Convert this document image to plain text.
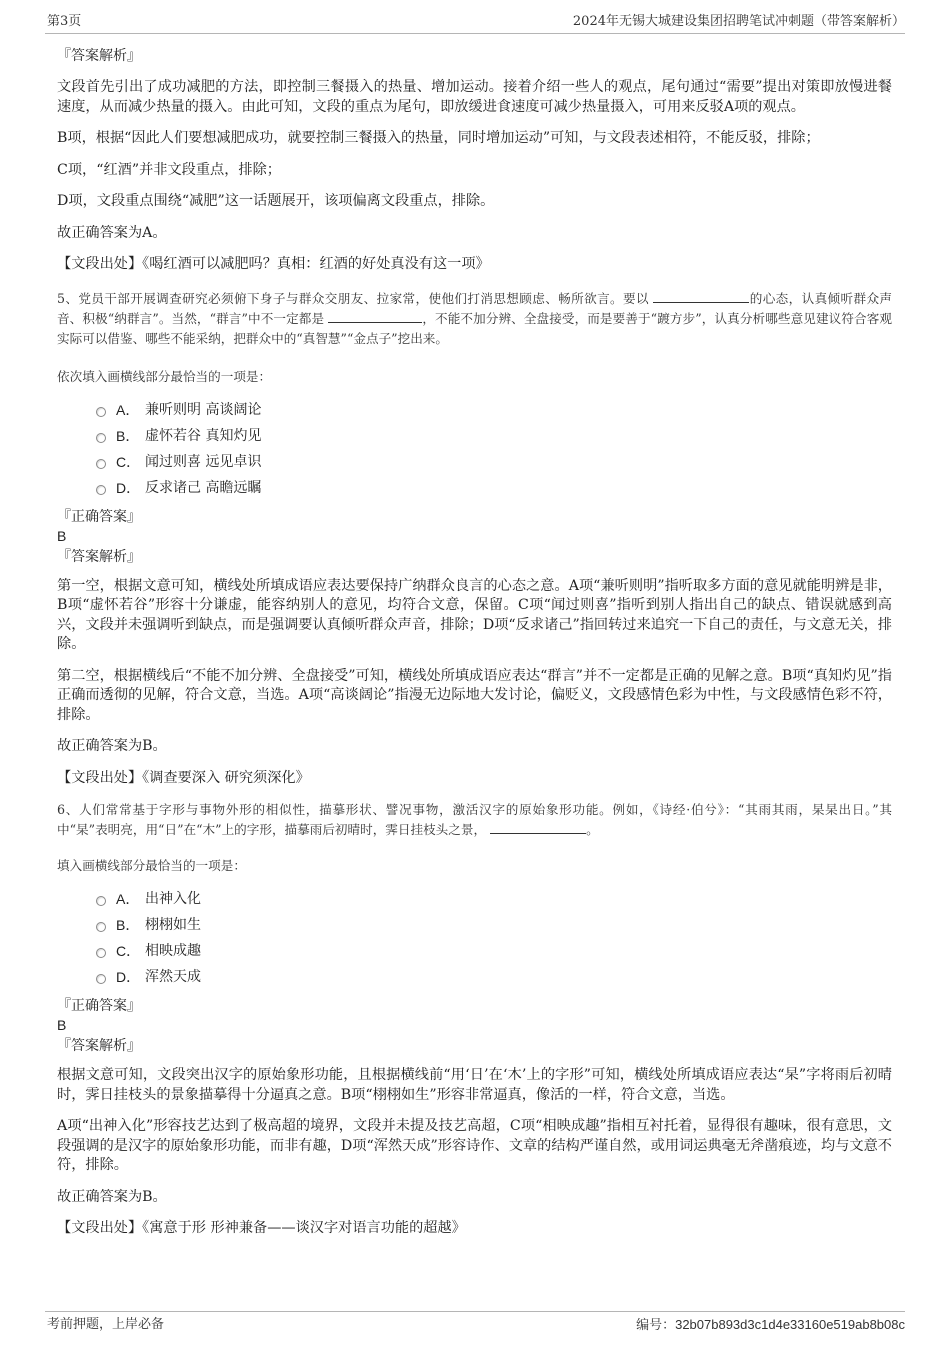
第3页	2024年无锡大城建设集团招聘笔试冲刺题（带答案解析）
『答案解析』
文段首先引出了成功减肥的方法，即控制三餐摄入的热量、增加运动。接着介绍一些人的观点，尾句通过“需要”提出对策即放慢进餐速度，从而减少热量的摄入。由此可知，文段的重点为尾句，即放缓进食速度可减少热量摄入，可用来反驳A项的观点。
B项，根据“因此人们要想减肥成功，就要控制三餐摄入的热量，同时增加运动”可知，与文段表述相符，不能反驳，排除；
C项，“红酒”并非文段重点，排除；
D项，文段重点围绕“减肥”这一话题展开，该项偏离文段重点，排除。
故正确答案为A。
【文段出处】《喝红酒可以减肥吗？真相：红酒的好处真没有这一项》
5、党员干部开展调查研究必须俯下身子与群众交朋友、拉家常，使他们打消思想顾虑、畅所欲言。要以	的心态，认真倾听群众声音、积极“纳群言”。当然，“群言”中不一定都是	，不能不加分辨、全盘接受，而是要善于“踱方步”，认真分析哪些意见建议符合客观实际可以借鉴、哪些不能采纳，把群众中的“真智慧”“金点子”挖出来。
依次填入画横线部分最恰当的一项是：
A． 兼听则明 高谈阔论
B． 虚怀若谷 真知灼见
C． 闻过则喜 远见卓识
D． 反求诸己 高瞻远瞩
『正确答案』
B
『答案解析』
第一空，根据文意可知，横线处所填成语应表达要保持广纳群众良言的心态之意。A项“兼听则明”指听取多方面的意见就能明辨是非，B项“虚怀若谷”形容十分谦虚，能容纳别人的意见，均符合文意，保留。C项“闻过则喜”指听到别人指出自己的缺点、错误就感到高兴，文段并未强调听到缺点，而是强调要认真倾听群众声音，排除；D项“反求诸己”指回转过来追究一下自己的责任，与文意无关，排除。
第二空，根据横线后“不能不加分辨、全盘接受”可知，横线处所填成语应表达“群言”并不一定都是正确的见解之意。B项“真知灼见”指正确而透彻的见解，符合文意，当选。A项“高谈阔论”指漫无边际地大发讨论，偏贬义，文段感情色彩为中性，与文段感情色彩不符，排除。
故正确答案为B。
【文段出处】《调查要深入 研究须深化》
6、人们常常基于字形与事物外形的相似性，描摹形状、譬况事物，激活汉字的原始象形功能。例如，《诗经·伯兮》：“其雨其雨，杲杲出日。”其中“杲”表明亮，用“日”在“木”上的字形，描摹雨后初晴时，霁日挂枝头之景，	。
填入画横线部分最恰当的一项是：
A． 出神入化
B． 栩栩如生
C． 相映成趣
D． 浑然天成
『正确答案』
B
『答案解析』
根据文意可知，文段突出汉字的原始象形功能，且根据横线前“用‘日’在‘木’上的字形”可知，横线处所填成语应表达“杲”字将雨后初晴时，霁日挂枝头的景象描摹得十分逼真之意。B项“栩栩如生”形容非常逼真，像活的一样，符合文意，当选。
A项“出神入化”形容技艺达到了极高超的境界，文段并未提及技艺高超，C项“相映成趣”指相互衬托着，显得很有趣味，很有意思，文段强调的是汉字的原始象形功能，而非有趣，D项“浑然天成”形容诗作、文章的结构严谨自然，或用词运典毫无斧凿痕迹，均与文意不符，排除。
故正确答案为B。
【文段出处】《寓意于形 形神兼备——谈汉字对语言功能的超越》
考前押题，上岸必备	编号：32b07b893d3c1d4e33160e519ab8b08c
